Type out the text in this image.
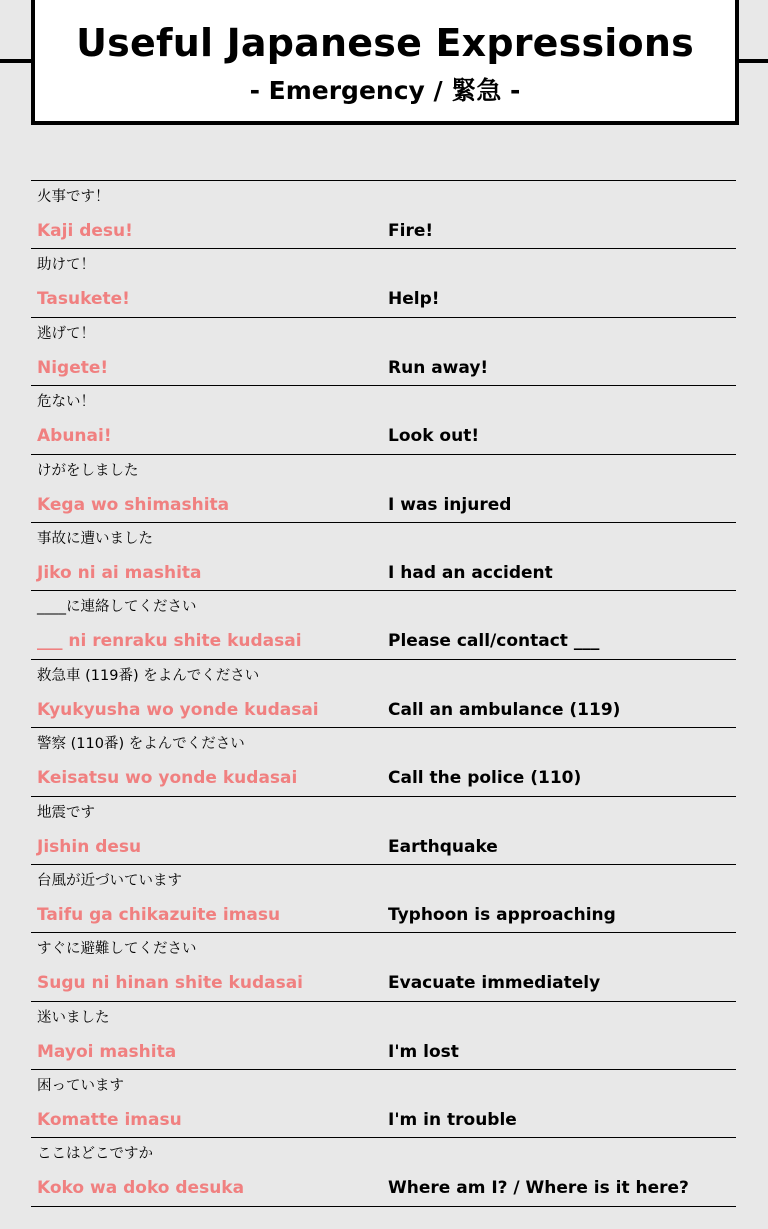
Useful Japanese Expressions
- Emergency / 緊急 -
火事です！
Kaji desu!	Fire!
助けて！
Tasukete!	Help!
逃げて！
Nigete!	Run away!
危ない！
Abunai!	Look out!
けがをしました
Kega wo shimashita	I was injured
事故に遭いました
Jiko ni ai mashita	I had an accident
____に連絡してください
___ ni renraku shite kudasai	Please call/contact ___
救急車 (119番) をよんでください
Kyukyusha wo yonde kudasai	Call an ambulance (119)
警察 (110番) をよんでください
Keisatsu wo yonde kudasai	Call the police (110)
地震です
Jishin desu	Earthquake
台風が近づいています
Taifu ga chikazuite imasu	Typhoon is approaching
すぐに避難してください
Sugu ni hinan shite kudasai	Evacuate immediately
迷いました
Mayoi mashita	I'm lost
困っています
Komatte imasu	I'm in trouble
ここはどこですか
Koko wa doko desuka	Where am I? / Where is it here?
